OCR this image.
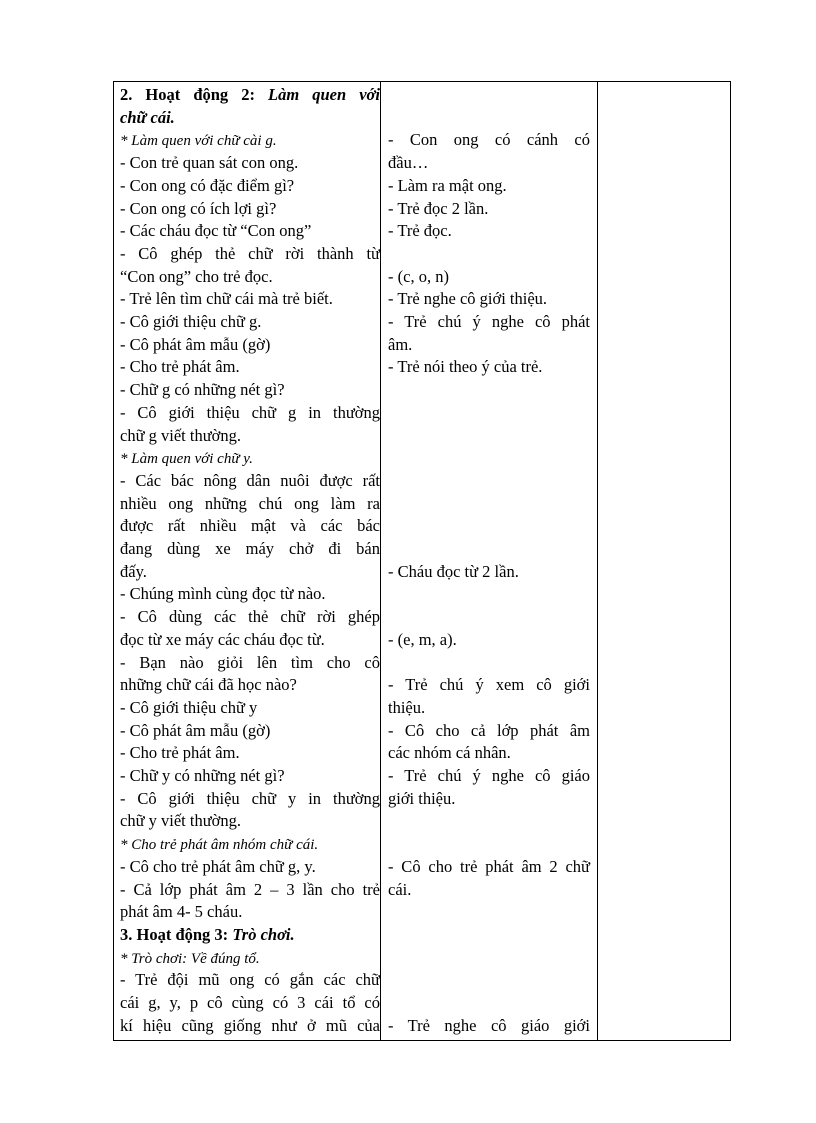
2. Hoạt động 2: Làm quen với
chữ cái.
* Làm quen với chữ cài g.
- Con trẻ quan sát con ong.
- Con ong có đặc điểm gì?
- Con ong có ích lợi gì?
- Các cháu đọc từ “Con ong”
- Cô ghép thẻ chữ rời thành từ
“Con ong” cho trẻ đọc.
- Trẻ lên tìm chữ cái mà trẻ biết.
- Cô giới thiệu chữ g.
- Cô phát âm mẫu (gờ)
- Cho trẻ phát âm.
- Chữ g có những nét gì?
- Cô giới thiệu chữ g in thường
chữ g viết thường.
* Làm quen với chữ y.
- Các bác nông dân nuôi được rất
nhiều ong những chú ong làm ra
được rất nhiều mật và các bác
đang dùng xe máy chở đi bán
đấy.
- Chúng mình cùng đọc từ nào.
- Cô dùng các thẻ chữ rời ghép
đọc từ xe máy các cháu đọc từ.
- Bạn nào giỏi lên tìm cho cô
những chữ cái đã học nào?
- Cô giới thiệu chữ y
- Cô phát âm mẫu (gờ)
- Cho trẻ phát âm.
- Chữ y có những nét gì?
- Cô giới thiệu chữ y in thường
chữ y viết thường.
* Cho trẻ phát âm nhóm chữ cái.
- Cô cho trẻ phát âm chữ g, y.
- Cả lớp phát âm 2 – 3 lần cho trẻ
phát âm 4- 5 cháu.
3. Hoạt động 3: Trò chơi.
* Trò chơi: Về đúng tổ.
- Trẻ đội mũ ong có gắn các chữ
cái g, y, p cô cùng có 3 cái tổ có
kí hiệu cũng giống như ở mũ của
- Con ong có cánh có
đầu…
- Làm ra mật ong.
- Trẻ đọc 2 lần.
- Trẻ đọc.
- (c, o, n)
- Trẻ nghe cô giới thiệu.
- Trẻ chú ý nghe cô phát
âm.
- Trẻ nói theo ý của trẻ.
- Cháu đọc từ 2 lần.
- (e, m, a).
- Trẻ chú ý xem cô giới
thiệu.
- Cô cho cả lớp phát âm
các nhóm cá nhân.
- Trẻ chú ý nghe cô giáo
giới thiệu.
- Cô cho trẻ phát âm 2 chữ
cái.
- Trẻ nghe cô giáo giới
